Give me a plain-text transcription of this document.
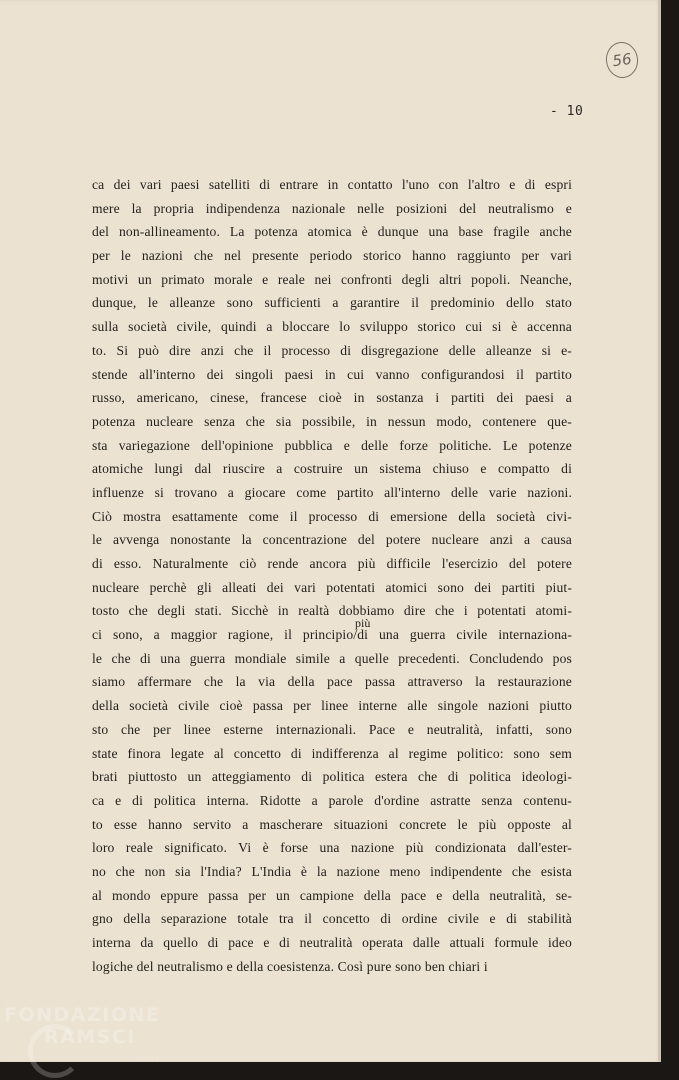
56
- 10
più
ca dei vari paesi satelliti di entrare in contatto l'uno con l'altro e di espri
mere la propria indipendenza nazionale nelle posizioni del neutralismo e
del non-allineamento. La potenza atomica è dunque una base fragile anche
per le nazioni che nel presente periodo storico hanno raggiunto per vari
motivi un primato morale e reale nei confronti degli altri popoli. Neanche,
dunque, le alleanze sono sufficienti a garantire il predominio dello stato
sulla società civile, quindi a bloccare lo sviluppo storico cui si è accenna
to. Si può dire anzi che il processo di disgregazione delle alleanze si e-
stende all'interno dei singoli paesi in cui vanno configurandosi il partito
russo, americano, cinese, francese cioè in sostanza i partiti dei paesi a
potenza nucleare senza che sia possibile, in nessun modo, contenere que-
sta variegazione dell'opinione pubblica e delle forze politiche. Le potenze
atomiche lungi dal riuscire a costruire un sistema chiuso e compatto di
influenze si trovano a giocare come partito all'interno delle varie nazioni.
Ciò mostra esattamente come il processo di emersione della società civi-
le avvenga nonostante la concentrazione del potere nucleare anzi a causa
di esso. Naturalmente ciò rende ancora più difficile l'esercizio del potere
nucleare perchè gli alleati dei vari potentati atomici sono dei partiti piut-
tosto che degli stati. Sicchè in realtà dobbiamo dire che i potentati atomi-
ci sono, a maggior ragione, il principio/di una guerra civile internaziona-
le che di una guerra mondiale simile a quelle precedenti. Concludendo pos
siamo affermare che la via della pace passa attraverso la restaurazione
della società civile cioè passa per linee interne alle singole nazioni piutto
sto che per linee esterne internazionali. Pace e neutralità, infatti, sono
state finora legate al concetto di indifferenza al regime politico: sono sem
brati piuttosto un atteggiamento di politica estera che di politica ideologi-
ca e di politica interna. Ridotte a parole d'ordine astratte senza contenu-
to esse hanno servito a mascherare situazioni concrete le più opposte al
loro reale significato. Vi è forse una nazione più condizionata dall'ester-
no che non sia l'India? L'India è la nazione meno indipendente che esista
al mondo eppure passa per un campione della pace e della neutralità, se-
gno della separazione totale tra il concetto di ordine civile e di stabilità
interna da quello di pace e di neutralità operata dalle attuali formule ideo
logiche del neutralismo e della coesistenza. Così pure sono ben chiari i
FONDAZIONE
RAMSCI
onlus
